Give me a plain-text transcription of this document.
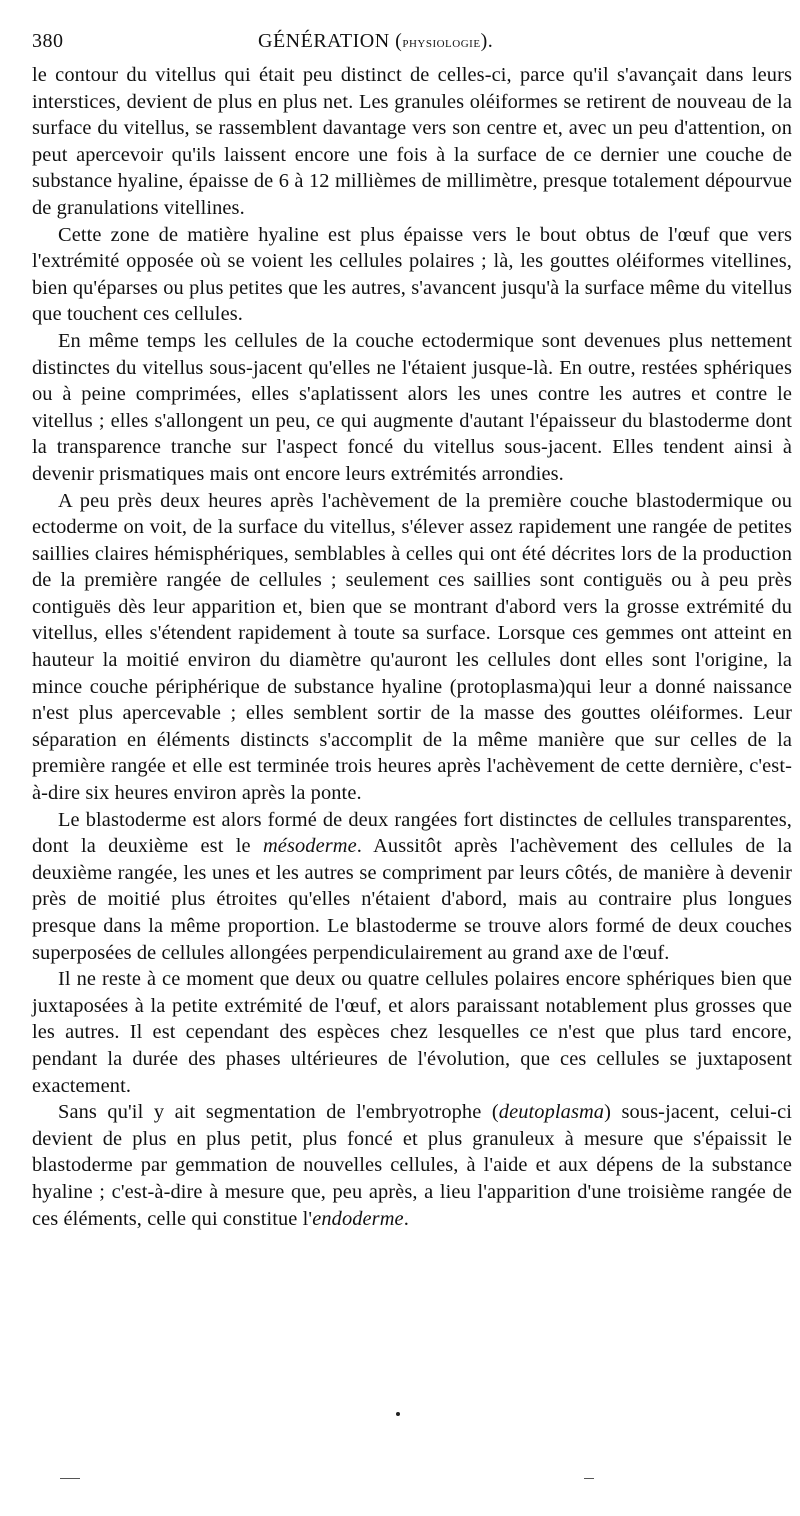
380	GÉNÉRATION (physiologie).

le contour du vitellus qui était peu distinct de celles-ci, parce qu'il s'avançait dans leurs interstices, devient de plus en plus net. Les granules oléiformes se retirent de nouveau de la surface du vitellus, se rassemblent davantage vers son centre et, avec un peu d'attention, on peut apercevoir qu'ils laissent encore une fois à la surface de ce dernier une couche de substance hyaline, épaisse de 6 à 12 millièmes de millimètre, presque totalement dépourvue de granulations vitellines.

Cette zone de matière hyaline est plus épaisse vers le bout obtus de l'œuf que vers l'extrémité opposée où se voient les cellules polaires ; là, les gouttes oléiformes vitellines, bien qu'éparses ou plus petites que les autres, s'avancent jusqu'à la surface même du vitellus que touchent ces cellules.

En même temps les cellules de la couche ectodermique sont devenues plus nettement distinctes du vitellus sous-jacent qu'elles ne l'étaient jusque-là. En outre, restées sphériques ou à peine comprimées, elles s'aplatissent alors les unes contre les autres et contre le vitellus ; elles s'allongent un peu, ce qui augmente d'autant l'épaisseur du blastoderme dont la transparence tranche sur l'aspect foncé du vitellus sous-jacent. Elles tendent ainsi à devenir prismatiques mais ont encore leurs extrémités arrondies.

A peu près deux heures après l'achèvement de la première couche blastodermique ou ectoderme on voit, de la surface du vitellus, s'élever assez rapidement une rangée de petites saillies claires hémisphériques, semblables à celles qui ont été décrites lors de la production de la première rangée de cellules ; seulement ces saillies sont contiguës ou à peu près contiguës dès leur apparition et, bien que se montrant d'abord vers la grosse extrémité du vitellus, elles s'étendent rapidement à toute sa surface. Lorsque ces gemmes ont atteint en hauteur la moitié environ du diamètre qu'auront les cellules dont elles sont l'origine, la mince couche périphérique de substance hyaline (protoplasma)qui leur a donné naissance n'est plus apercevable ; elles semblent sortir de la masse des gouttes oléiformes. Leur séparation en éléments distincts s'accomplit de la même manière que sur celles de la première rangée et elle est terminée trois heures après l'achèvement de cette dernière, c'est-à-dire six heures environ après la ponte.

Le blastoderme est alors formé de deux rangées fort distinctes de cellules transparentes, dont la deuxième est le mésoderme. Aussitôt après l'achèvement des cellules de la deuxième rangée, les unes et les autres se compriment par leurs côtés, de manière à devenir près de moitié plus étroites qu'elles n'étaient d'abord, mais au contraire plus longues presque dans la même proportion. Le blastoderme se trouve alors formé de deux couches superposées de cellules allongées perpendiculairement au grand axe de l'œuf.

Il ne reste à ce moment que deux ou quatre cellules polaires encore sphériques bien que juxtaposées à la petite extrémité de l'œuf, et alors paraissant notablement plus grosses que les autres. Il est cependant des espèces chez lesquelles ce n'est que plus tard encore, pendant la durée des phases ultérieures de l'évolution, que ces cellules se juxtaposent exactement.

Sans qu'il y ait segmentation de l'embryotrophe (deutoplasma) sous-jacent, celui-ci devient de plus en plus petit, plus foncé et plus granuleux à mesure que s'épaissit le blastoderme par gemmation de nouvelles cellules, à l'aide et aux dépens de la substance hyaline ; c'est-à-dire à mesure que, peu après, a lieu l'apparition d'une troisième rangée de ces éléments, celle qui constitue l'endoderme.
